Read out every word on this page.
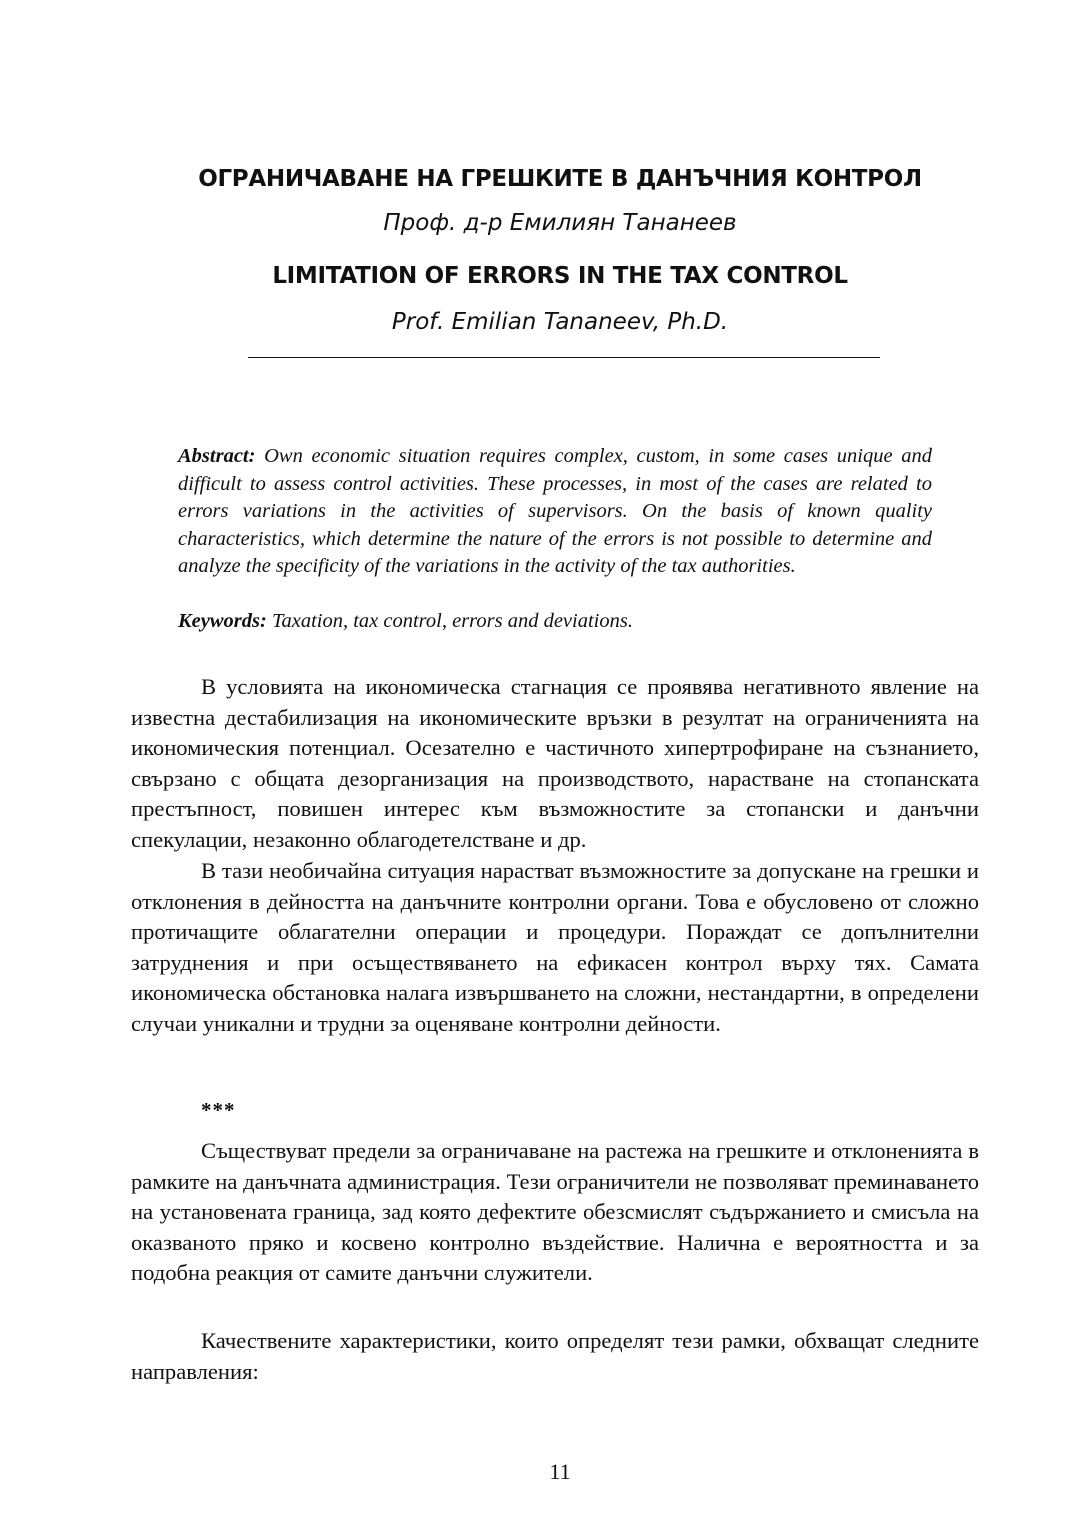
ОГРАНИЧАВАНЕ НА ГРЕШКИТЕ В ДАНЪЧНИЯ КОНТРОЛ
Проф. д-р Емилиян Тананеев
LIMITATION OF ERRORS IN THE TAX CONTROL
Prof. Emilian Tananeev, Ph.D.
Abstract: Own economic situation requires complex, custom, in some cases unique and difficult to assess control activities. These processes, in most of the cases are related to errors variations in the activities of supervisors. On the basis of known quality characteristics, which determine the nature of the errors is not possible to determine and analyze the specificity of the variations in the activity of the tax authorities.
Keywords: Taxation, tax control, errors and deviations.

В условията на икономическа стагнация се проявява негативното явление на известна дестабилизация на икономическите връзки в резултат на ограниченията на икономическия потенциал. Осезателно е частичното хипертрофиране на съзнанието, свързано с общата дезорганизация на производството, нарастване на стопанската престъпност, повишен интерес към възможностите за стопански и данъчни спекулации, незаконно облагодетелстване и др.

В тази необичайна ситуация нарастват възможностите за допускане на грешки и отклонения в дейността на данъчните контролни органи. Това е обусловено от сложно протичащите облагателни операции и процедури. Порaждат се допълнителни затруднения и при осъществяването на ефикасен контрол върху тях. Самата икономическа обстановка налага извършването на сложни, нестандартни, в определени случаи уникални и трудни за оценяване контролни дейности.

***

Съществуват предели за ограничаване на растежа на грешките и отклоненията в рамките на данъчната администрация. Тези ограничители не позволяват преминаването на установената граница, зад която дефектите обезсмислят съдържанието и смисъла на оказваното пряко и косвено контролно въздействие. Налична е вероятността и за подобна реакция от самите данъчни служители.

Качествените характеристики, които определят тези рамки, обхващат следните направления:

11
